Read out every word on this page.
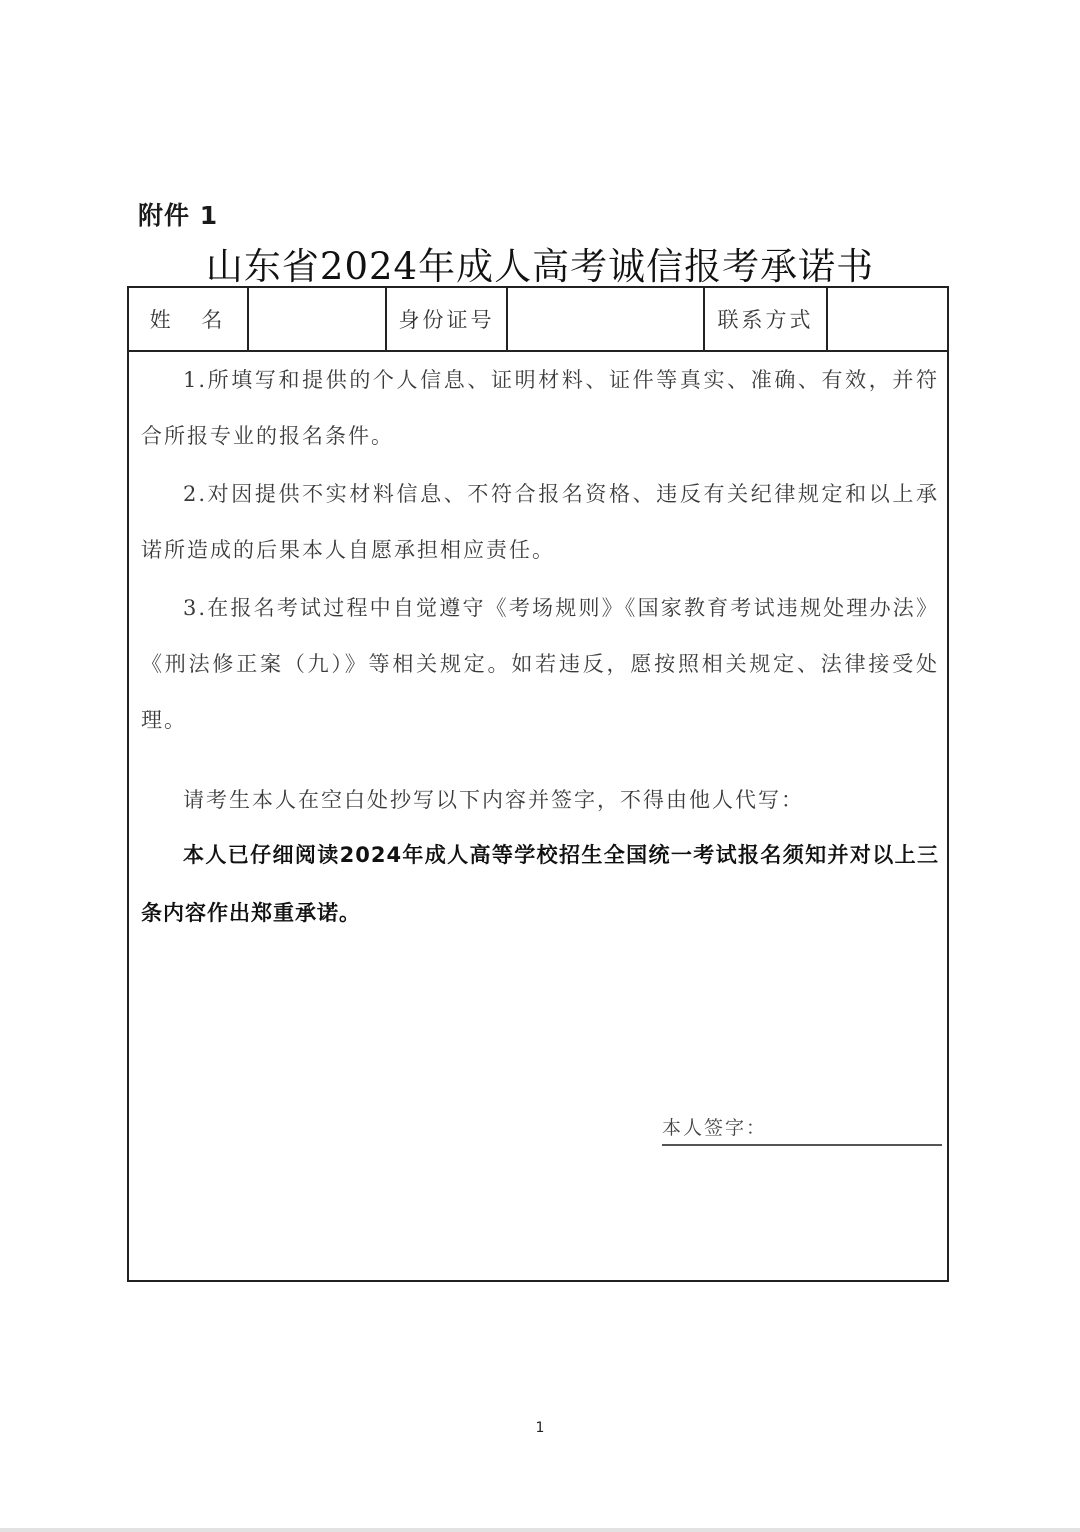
附件 1
山东省2024年成人高考诚信报考承诺书
姓 名	身份证号	联系方式

1.所填写和提供的个人信息、证明材料、证件等真实、准确、有效，并符合所报专业的报名条件。

2.对因提供不实材料信息、不符合报名资格、违反有关纪律规定和以上承诺所造成的后果本人自愿承担相应责任。

3.在报名考试过程中自觉遵守《考场规则》《国家教育考试违规处理办法》《刑法修正案（九）》等相关规定。如若违反，愿按照相关规定、法律接受处理。

请考生本人在空白处抄写以下内容并签字，不得由他人代写：
本人已仔细阅读2024年成人高等学校招生全国统一考试报名须知并对以上三条内容作出郑重承诺。
本人签字：
1
